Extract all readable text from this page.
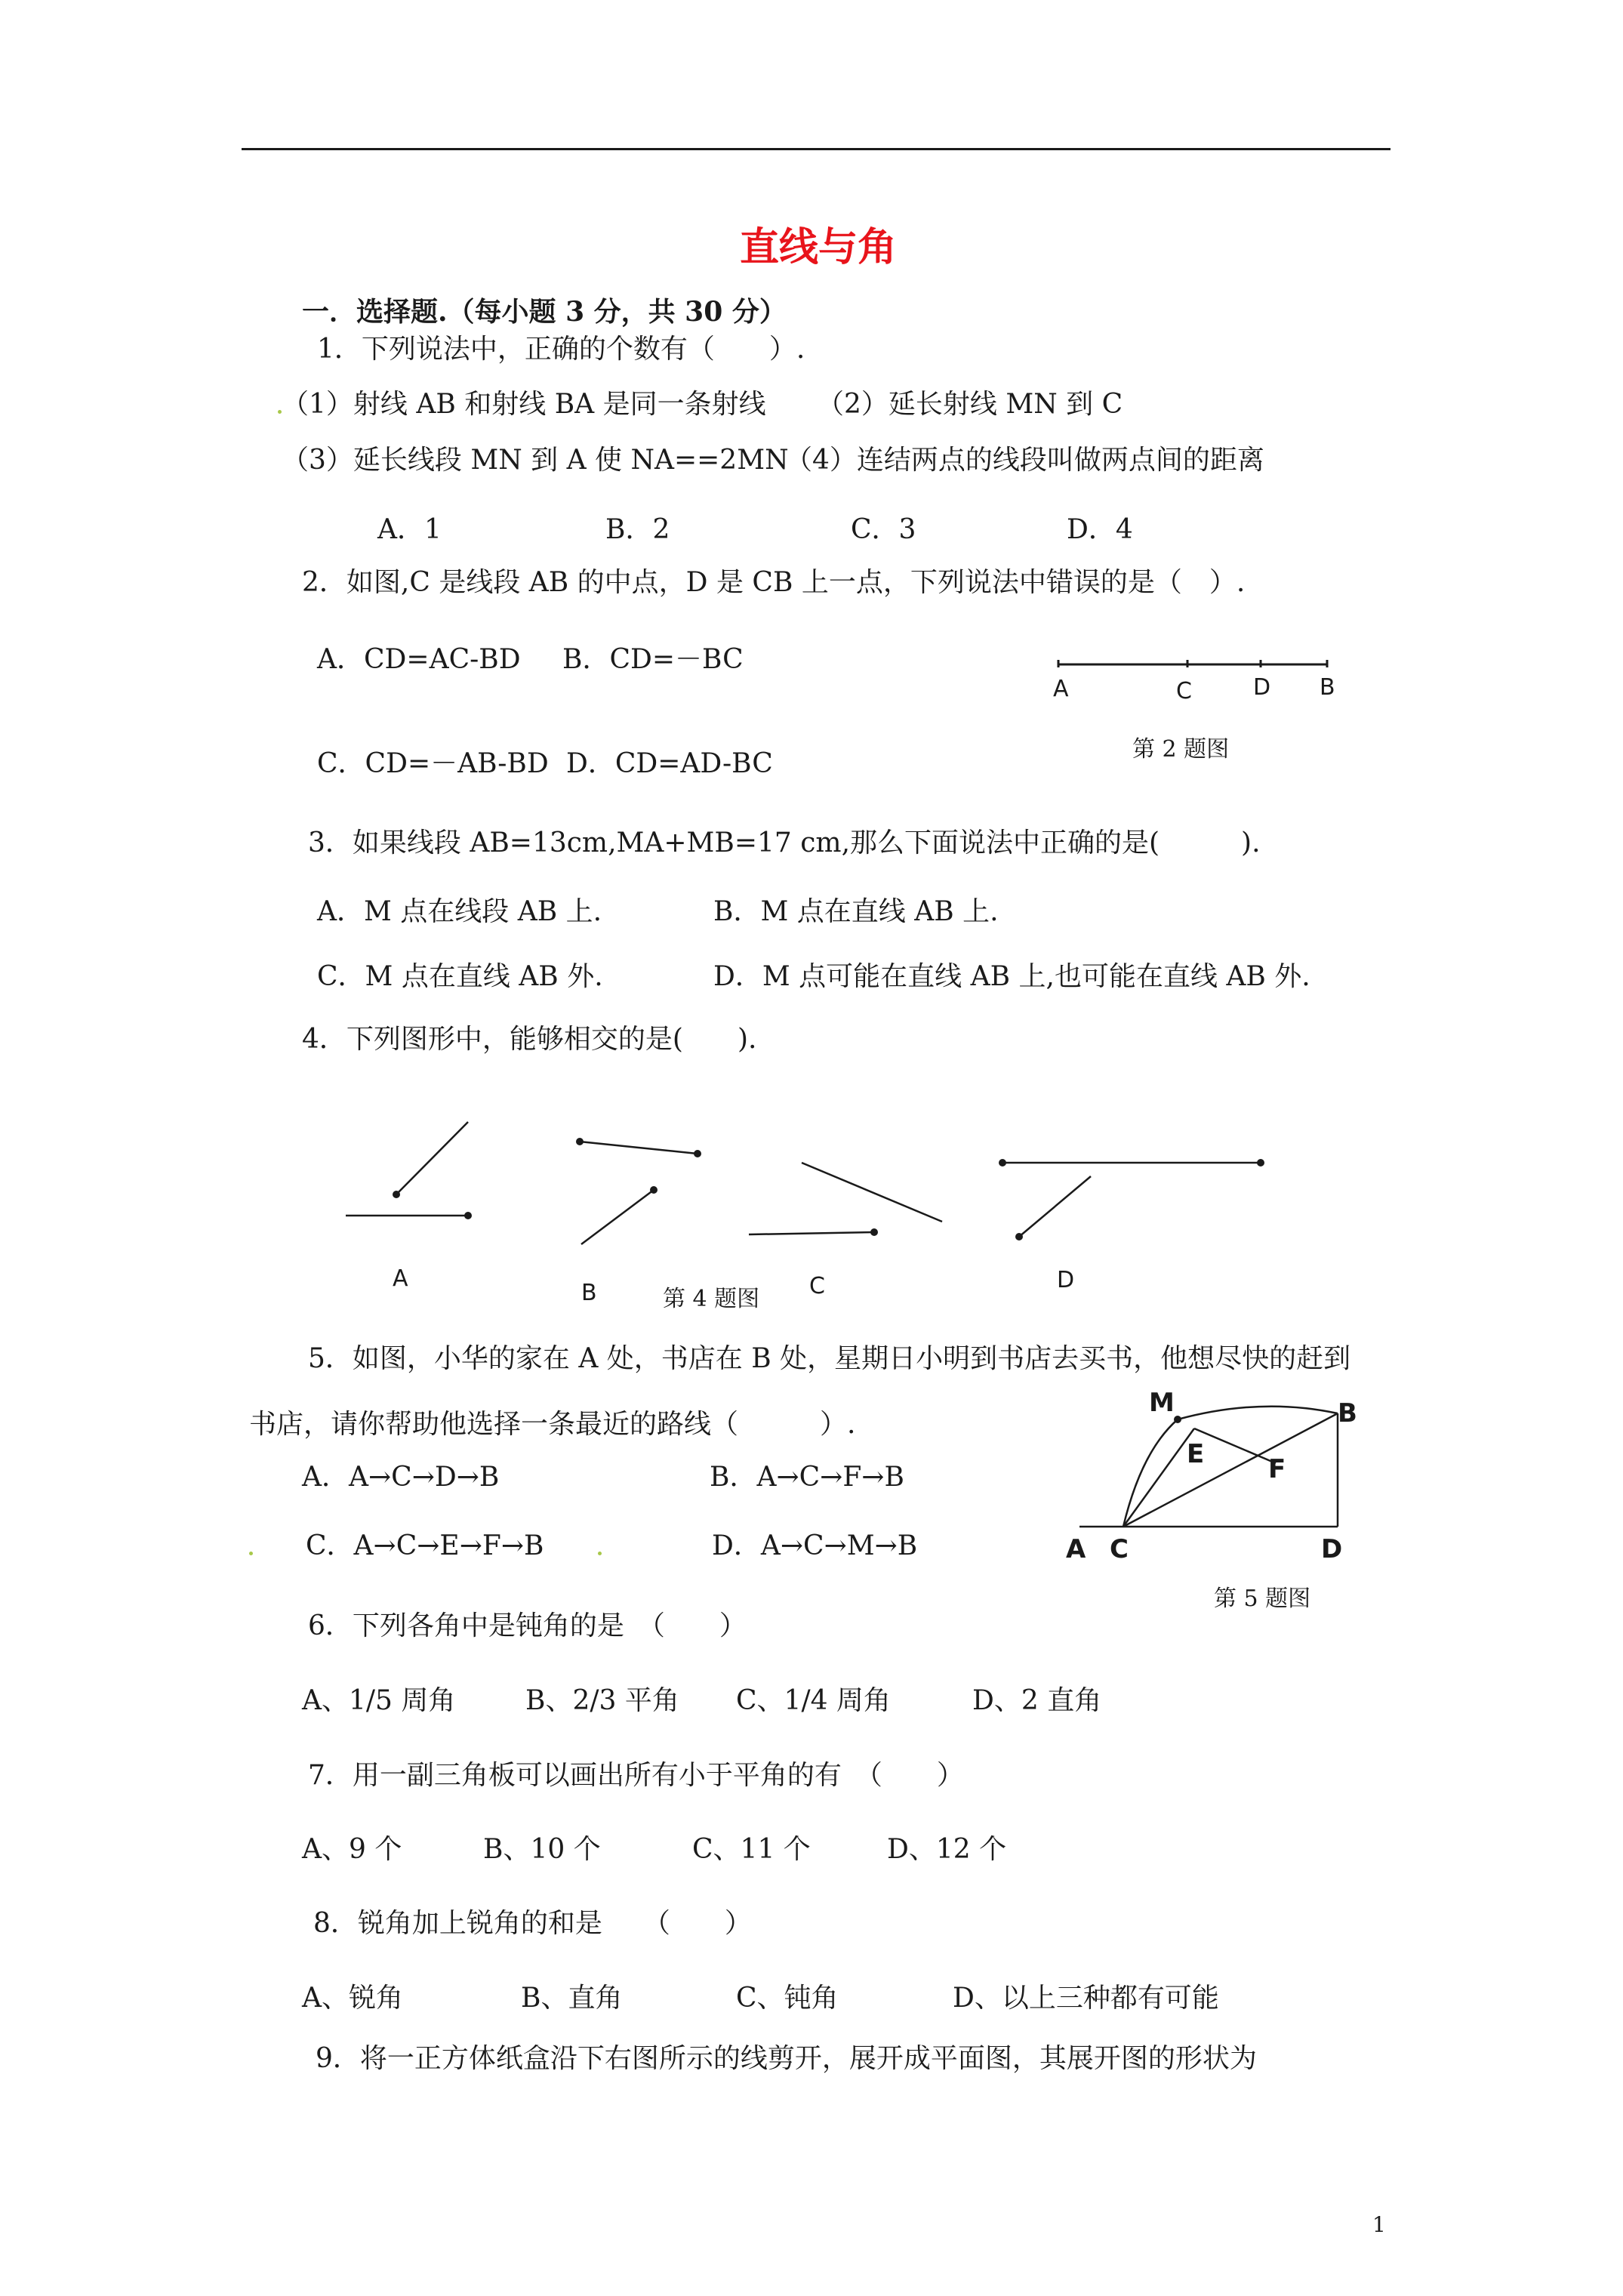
直线与角
一．选择题.（每小题 3 分，共 30 分）
1．下列说法中，正确的个数有（　　）.
（1）射线 AB 和射线 BA 是同一条射线 （2）延长射线 MN 到 C
（3）延长线段 MN 到 A 使 NA==2MN
（4）连结两点的线段叫做两点间的距离
A．1	B．2	C．3	D．4
2．如图,C 是线段 AB 的中点，D 是 CB 上一点，下列说法中错误的是（　）.
A．CD=AC-BD B．CD=－BC
C．CD=－AB-BD D．CD=AD-BC
A	C	D B
第 2 题图
3．如果线段 AB=13cm,MA+MB=17 cm,那么下面说法中正确的是(　　　).
A．M 点在线段 AB 上.	B．M 点在直线 AB 上.
C．M 点在直线 AB 外.	D．M 点可能在直线 AB 上,也可能在直线 AB 外.
4．下列图形中，能够相交的是(　　).
A
B	第 4 题图 C	D
5．如图，小华的家在 A 处，书店在 B 处，星期日小明到书店去买书，他想尽快的赶到
书店，请你帮助他选择一条最近的路线（　　　）.
A．A→C→D→B	B．A→C→F→B
C．A→C→E→F→B	D．A→C→M→B
M	B
E F
A C	D
第 5 题图
6．下列各角中是钝角的是　（　　）
A、1/5 周角	B、2/3 平角 C、1/4 周角	D、2 直角
7．用一副三角板可以画出所有小于平角的有　（　　）
A、9 个	B、10 个	C、11 个	D、12 个
8．锐角加上锐角的和是　　（　　）
A、锐角	B、直角	C、钝角	D、以上三种都有可能
9．将一正方体纸盒沿下右图所示的线剪开，展开成平面图，其展开图的形状为
1
